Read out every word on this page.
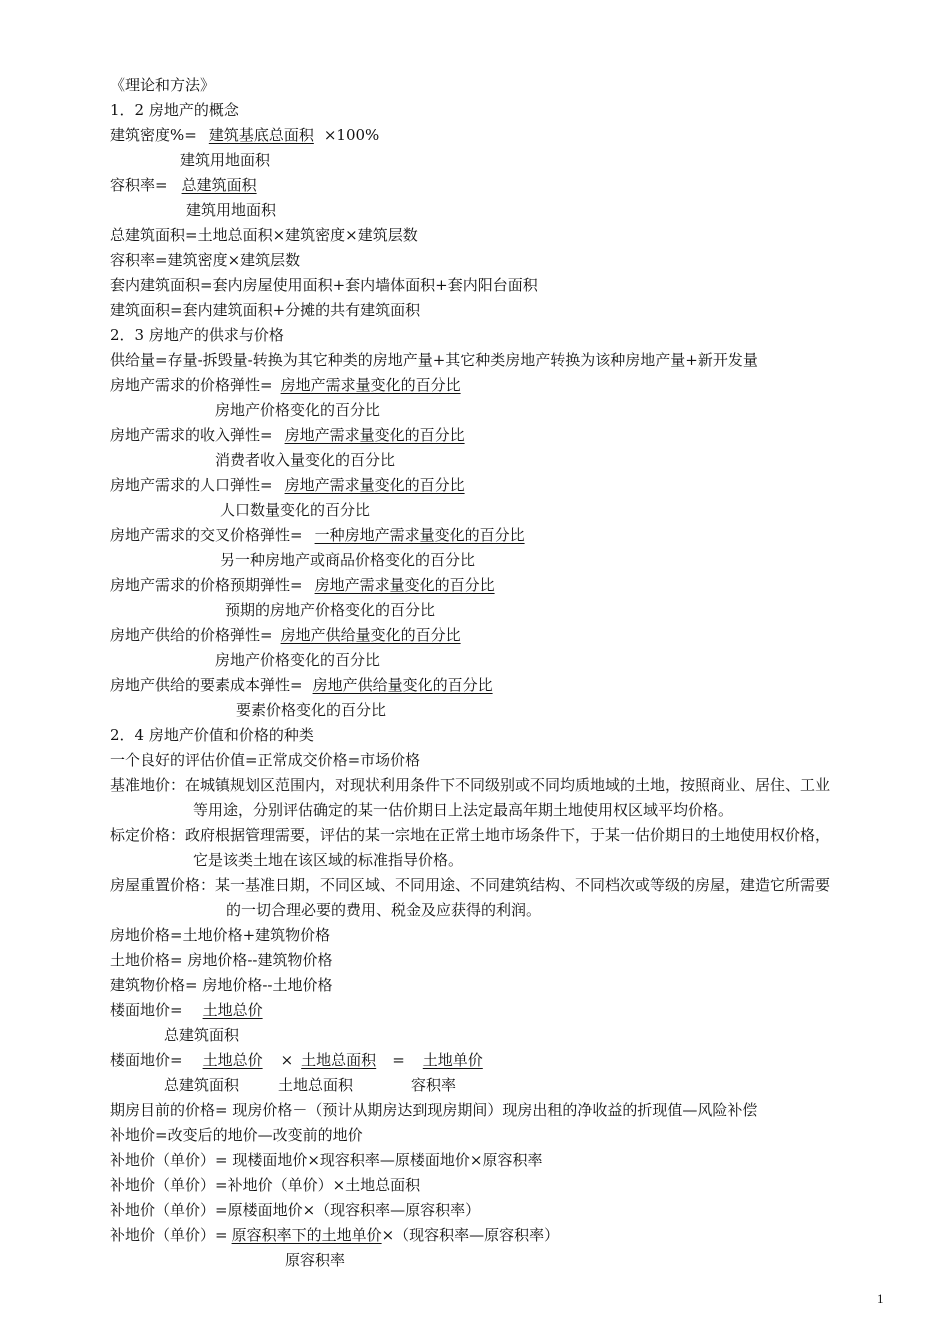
《理论和方法》
1．2 房地产的概念
建筑密度%= 建筑基底总面积 ×100%
建筑用地面积
容积率= 总建筑面积
建筑用地面积
总建筑面积=土地总面积×建筑密度×建筑层数
容积率=建筑密度×建筑层数
套内建筑面积=套内房屋使用面积+套内墙体面积+套内阳台面积
建筑面积=套内建筑面积+分摊的共有建筑面积
2．3 房地产的供求与价格
供给量=存量-拆毁量-转换为其它种类的房地产量+其它种类房地产转换为该种房地产量+新开发量
房地产需求的价格弹性= 房地产需求量变化的百分比
房地产价格变化的百分比
房地产需求的收入弹性= 房地产需求量变化的百分比
消费者收入量变化的百分比
房地产需求的人口弹性= 房地产需求量变化的百分比
人口数量变化的百分比
房地产需求的交叉价格弹性= 一种房地产需求量变化的百分比
另一种房地产或商品价格变化的百分比
房地产需求的价格预期弹性= 房地产需求量变化的百分比
预期的房地产价格变化的百分比
房地产供给的价格弹性= 房地产供给量变化的百分比
房地产价格变化的百分比
房地产供给的要素成本弹性= 房地产供给量变化的百分比
要素价格变化的百分比
2．4 房地产价值和价格的种类
一个良好的评估价值=正常成交价格=市场价格
基准地价：在城镇规划区范围内，对现状利用条件下不同级别或不同均质地域的土地，按照商业、居住、工业
等用途，分别评估确定的某一估价期日上法定最高年期土地使用权区域平均价格。
标定价格：政府根据管理需要，评估的某一宗地在正常土地市场条件下，于某一估价期日的土地使用权价格，
它是该类土地在该区域的标准指导价格。
房屋重置价格：某一基准日期，不同区域、不同用途、不同建筑结构、不同档次或等级的房屋，建造它所需要
的一切合理必要的费用、税金及应获得的利润。
房地价格=土地价格+建筑物价格
土地价格= 房地价格--建筑物价格
建筑物价格= 房地价格--土地价格
楼面地价= 土地总价
总建筑面积
楼面地价= 土地总价 × 土地总面积 = 土地单价
总建筑面积	土地总面积	容积率
期房目前的价格= 现房价格－（预计从期房达到现房期间）现房出租的净收益的折现值—风险补偿
补地价=改变后的地价—改变前的地价
补地价（单价）= 现楼面地价×现容积率—原楼面地价×原容积率
补地价（单价）=补地价（单价）×土地总面积
补地价（单价）=原楼面地价×（现容积率—原容积率）
补地价（单价）= 原容积率下的土地单价×（现容积率—原容积率）
原容积率
1
